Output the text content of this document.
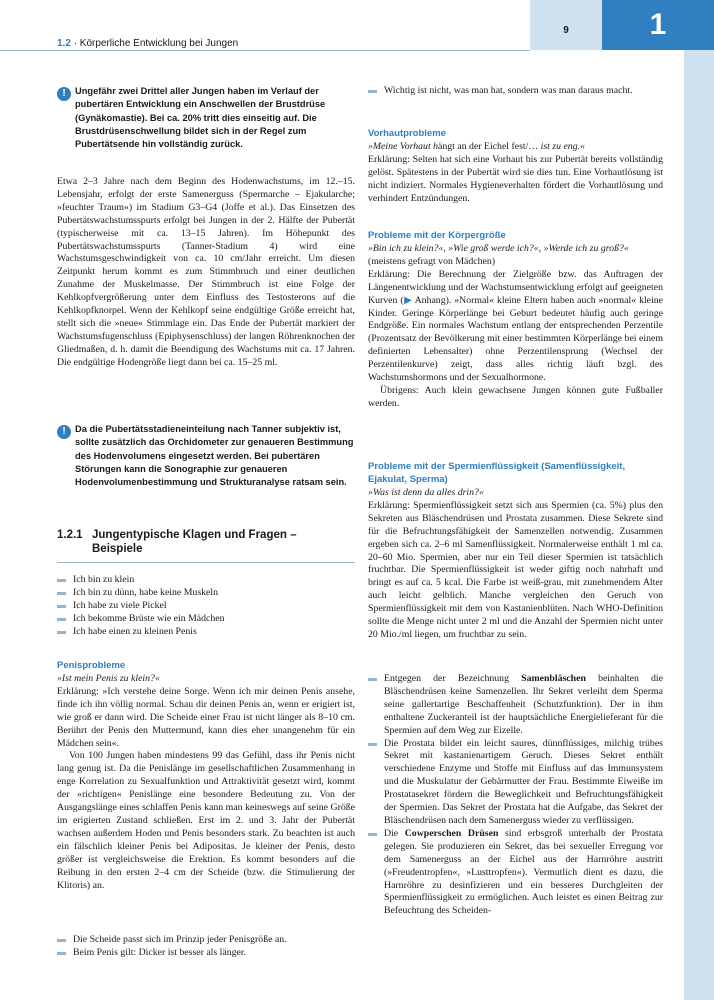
1.2 · Körperliche Entwicklung bei Jungen
9	1
!	Ungefähr zwei Drittel aller Jungen haben im Verlauf der pubertären Entwicklung ein Anschwellen der Brustdrüse (Gynäkomastie). Bei ca. 20% tritt dies einseitig auf. Die Brustdrüsenschwellung bildet sich in der Regel zum Pubertätsende hin vollständig zurück.

Etwa 2–3 Jahre nach dem Beginn des Hodenwachstums, im 12.–15. Lebensjahr, erfolgt der erste Samenerguss (Spermarche – Ejakularche; »feuchter Traum«) im Stadium G3–G4 (Joffe et al.). Das Einsetzen des Pubertätswachstumsspurts erfolgt bei Jungen in der 2. Hälfte der Pubertät (typischerweise mit ca. 13–15 Jahren). Im Höhepunkt des Pubertätswachstumsspurts (Tanner-Stadium 4) wird eine Wachstumsgeschwindigkeit von ca. 10 cm/Jahr erreicht. Um diesen Zeitpunkt herum kommt es zum Stimmbruch und einer deutlichen Zunahme der Muskelmasse. Der Stimmbruch ist eine Folge der Kehlkopfvergrößerung unter dem Einfluss des Testosterons auf die Kehlkopfknorpel. Wenn der Kehlkopf seine endgültige Größe erreicht hat, stellt sich die »neue« Stimmlage ein. Das Ende der Pubertät markiert der Wachstumsfugenschluss (Epiphysenschluss) der langen Röhrenknochen der Gliedmaßen, d. h. damit die Beendigung des Wachstums mit ca. 17 Jahren. Die endgültige Hodengröße liegt dann bei ca. 15–25 ml.

!	Da die Pubertätsstadieneinteilung nach Tanner subjektiv ist, sollte zusätzlich das Orchidometer zur genaueren Bestimmung des Hodenvolumens eingesetzt werden. Bei pubertären Störungen kann die Sonographie zur genaueren Hodenvolumenbestimmung und Strukturanalyse ratsam sein.
1.2.1 Jungentypische Klagen und Fragen – Beispiele
Ich bin zu klein
Ich bin zu dünn, habe keine Muskeln
Ich habe zu viele Pickel
Ich bekomme Brüste wie ein Mädchen
Ich habe einen zu kleinen Penis
Penisprobleme

»Ist mein Penis zu klein?«

Erklärung: »Ich verstehe deine Sorge. Wenn ich mir deinen Penis ansehe, finde ich ihn völlig normal. Schau dir deinen Penis an, wenn er erigiert ist, wie groß er dann wird. Die Scheide einer Frau ist nicht länger als 8–10 cm. Berührt der Penis den Muttermund, kann dies eher unangenehm für ein Mädchen sein«.

Von 100 Jungen haben mindestens 99 das Gefühl, dass ihr Penis nicht lang genug ist. Da die Penislänge im gesellschaftlichen Zusammenhang in enge Korrelation zu Sexualfunktion und Attraktivität gesetzt wird, kommt der »richtigen« Penislänge eine besondere Bedeutung zu. Von der Ausgangslänge eines schlaffen Penis kann man keineswegs auf seine Größe im erigierten Zustand schließen. Erst im 2. und 3. Jahr der Pubertät wachsen außerdem Hoden und Penis besonders stark. Zu beachten ist auch ein fälschlich kleiner Penis bei Adipositas. Je kleiner der Penis, desto größer ist vergleichsweise die Erektion. Es kommt besonders auf die Reibung in den ersten 2–4 cm der Scheide (bzw. die Stimulierung der Klitoris) an.

Die Scheide passt sich im Prinzip jeder Penisgröße an.
Beim Penis gilt: Dicker ist besser als länger.
Wichtig ist nicht, was man hat, sondern was man daraus macht.
Vorhautprobleme

»Meine Vorhaut hängt an der Eichel fest/… ist zu eng.«

Erklärung: Selten hat sich eine Vorhaut bis zur Pubertät bereits vollständig gelöst. Spätestens in der Pubertät wird sie dies tun. Eine Vorhautlösung ist nicht indiziert. Normales Hygieneverhalten fördert die Vorhautlösung und verhindert Entzündungen.

Probleme mit der Körpergröße

»Bin ich zu klein?«, »Wie groß werde ich?«, »Werde ich zu groß?«

(meistens gefragt von Mädchen)

Erklärung: Die Berechnung der Zielgröße bzw. das Auftragen der Längenentwicklung und der Wachstumsentwicklung erfolgt auf geeigneten Kurven (▶ Anhang). »Normal« kleine Eltern haben auch »normal« kleine Kinder. Geringe Körperlänge bei Geburt bedeutet häufig auch geringe Endgröße. Ein normales Wachstum entlang der entsprechenden Perzentile (Prozentsatz der Bevölkerung mit einer bestimmten Körperlänge bei einem definierten Lebensalter) ohne Perzentilensprung (Wechsel der Perzentilenkurve) zeigt, dass alles richtig läuft bzgl. des Wachstumshormons und der Sexualhormone.

Übrigens: Auch klein gewachsene Jungen können gute Fußballer werden.

Probleme mit der Spermienflüssigkeit (Samenflüssigkeit, Ejakulat, Sperma)

»Was ist denn da alles drin?«

Erklärung: Spermienflüssigkeit setzt sich aus Spermien (ca. 5%) plus den Sekreten aus Bläschendrüsen und Prostata zusammen. Diese Sekrete sind für die Befruchtungsfähigkeit der Samenzellen notwendig. Zusammen ergeben sich ca. 2–6 ml Samenflüssigkeit. Normalerweise enthält 1 ml ca. 20–60 Mio. Spermien, aber nur ein Teil dieser Spermien ist tatsächlich fruchtbar. Die Spermienflüssigkeit ist weder giftig noch nahrhaft und bringt es auf ca. 5 kcal. Die Farbe ist weiß-grau, mit zunehmendem Alter auch leicht gelblich. Manche vergleichen den Geruch von Spermienflüssigkeit mit dem von Kastanienblüten. Nach WHO-Definition sollte die Menge nicht unter 2 ml und die Anzahl der Spermien nicht unter 20 Mio./ml liegen, um fruchtbar zu sein.

Entgegen der Bezeichnung Samenbläschen beinhalten die Bläschendrüsen keine Samenzellen. Ihr Sekret verleiht dem Sperma seine gallertartige Beschaffenheit (Schutzfunktion). Der in ihm enthaltene Zuckeranteil ist der hauptsächliche Energielieferant für die Spermien auf dem Weg zur Eizelle.
Die Prostata bildet ein leicht saures, dünnflüssiges, milchig trübes Sekret mit kastanienartigem Geruch. Dieses Sekret enthält verschiedene Enzyme und Stoffe mit Einfluss auf das Immunsystem und die Muskulatur der Gebärmutter der Frau. Bestimmte Eiweiße im Prostatasekret fördern die Beweglichkeit und Befruchtungsfähigkeit der Spermien. Das Sekret der Prostata hat die Aufgabe, das Sekret der Bläschendrüsen nach dem Samenerguss wieder zu verflüssigen.
Die Cowperschen Drüsen sind erbsgroß unterhalb der Prostata gelegen. Sie produzieren ein Sekret, das bei sexueller Erregung vor dem Samenerguss an der Eichel aus der Harnröhre austritt (»Freudentropfen«, »Lusttropfen«). Vermutlich dient es dazu, die Harnröhre zu desinfizieren und ein besseres Durchgleiten der Spermienflüssigkeit zu ermöglichen. Auch leistet es einen Beitrag zur Befeuchtung des Scheiden-
